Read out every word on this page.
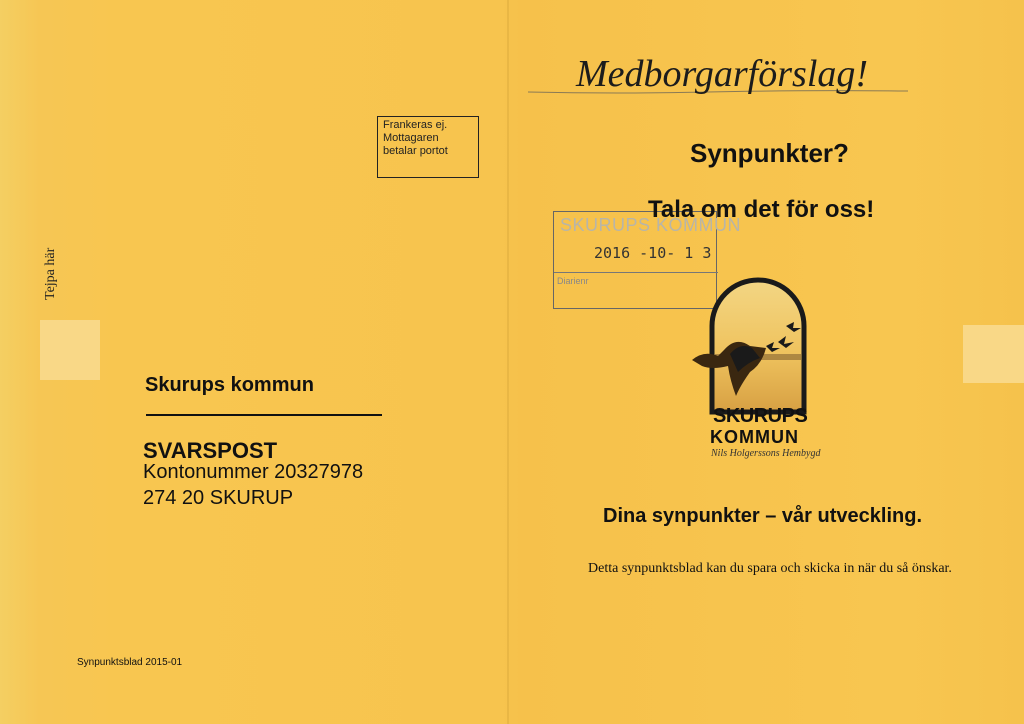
Tejpa här
Frankeras ej.
Mottagaren
betalar portot
Skurups kommun
SVARSPOST
Kontonummer 20327978
274 20 SKURUP
Synpunktsblad 2015-01
Medborgarförslag!
Synpunkter?
SKURUPS KOMMUN
2016 -10- 1 3
Diarienr
Tala om det för oss!
SKURUPS
KOMMUN
Nils Holgerssons Hembygd
Dina synpunkter – vår utveckling.
Detta synpunktsblad kan du spara och skicka in när du så önskar.
